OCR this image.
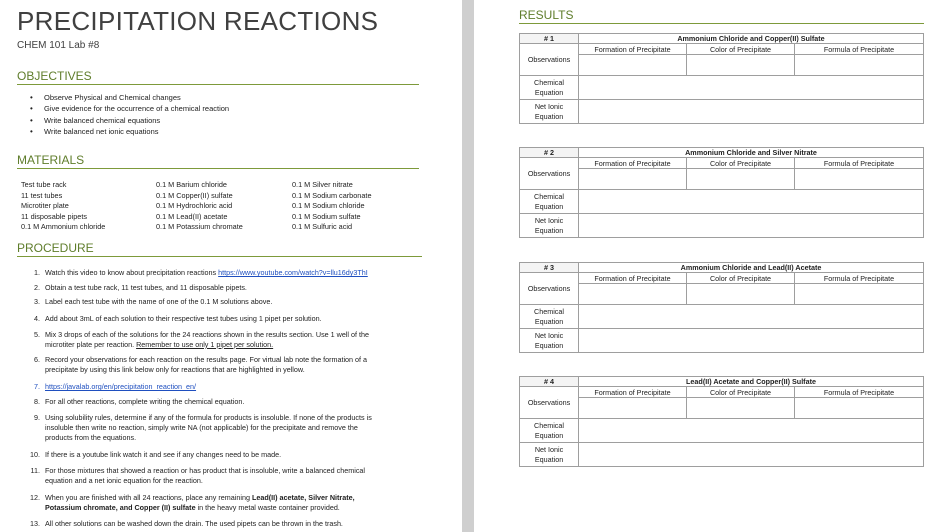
PRECIPITATION REACTIONS
CHEM 101 Lab #8
OBJECTIVES
• Observe Physical and Chemical changes
• Give evidence for the occurrence of a chemical reaction
• Write balanced chemical equations
• Write balanced net ionic equations
MATERIALS
Test tube rack
11 test tubes
Microtiter plate
11 disposable pipets
0.1 M Ammonium chloride
0.1 M Barium chloride
0.1 M Copper(II) sulfate
0.1 M Hydrochloric acid
0.1 M Lead(II) acetate
0.1 M Potassium chromate
0.1 M Silver nitrate
0.1 M Sodium carbonate
0.1 M Sodium chloride
0.1 M Sodium sulfate
0.1 M Sulfuric acid
PROCEDURE
1. Watch this video to know about precipitation reactions https://www.youtube.com/watch?v=llu16dy3ThI
2. Obtain a test tube rack, 11 test tubes, and 11 disposable pipets.
3. Label each test tube with the name of one of the 0.1 M solutions above.
4. Add about 3mL of each solution to their respective test tubes using 1 pipet per solution.
5. Mix 3 drops of each of the solutions for the 24 reactions shown in the results section. Use 1 well of the
microtiter plate per reaction. Remember to use only 1 pipet per solution.
6. Record your observations for each reaction on the results page. For virtual lab note the formation of a
precipitate by using this link below only for reactions that are highlighted in yellow.
7. https://javalab.org/en/precipitation_reaction_en/
8. For all other reactions, complete writing the chemical equation.
9. Using solubility rules, determine if any of the formula for products is insoluble. If none of the products is
insoluble then write no reaction, simply write NA (not applicable) for the precipitate and remove the
products from the equations.
10. If there is a youtube link watch it and see if any changes need to be made.
11. For those mixtures that showed a reaction or has product that is insoluble, write a balanced chemical
equation and a net ionic equation for the reaction.
12. When you are finished with all 24 reactions, place any remaining Lead(II) acetate, Silver Nitrate,
Potassium chromate, and Copper (II) sulfate in the heavy metal waste container provided.
13. All other solutions can be washed down the drain. The used pipets can be thrown in the trash.
RESULTS
# 1	Ammonium Chloride and Copper(II) Sulfate		
Observations	Formation of Precipitate	Color of Precipitate	Formula of Precipitate

Chemical Equation			
Net Ionic Equation			
# 2	Ammonium Chloride and Silver Nitrate		
Observations	Formation of Precipitate	Color of Precipitate	Formula of Precipitate

Chemical Equation			
Net Ionic Equation			
# 3	Ammonium Chloride and Lead(II) Acetate		
Observations	Formation of Precipitate	Color of Precipitate	Formula of Precipitate

Chemical Equation			
Net Ionic Equation			
# 4	Lead(II) Acetate and Copper(II) Sulfate		
Observations	Formation of Precipitate	Color of Precipitate	Formula of Precipitate

Chemical Equation			
Net Ionic Equation			
